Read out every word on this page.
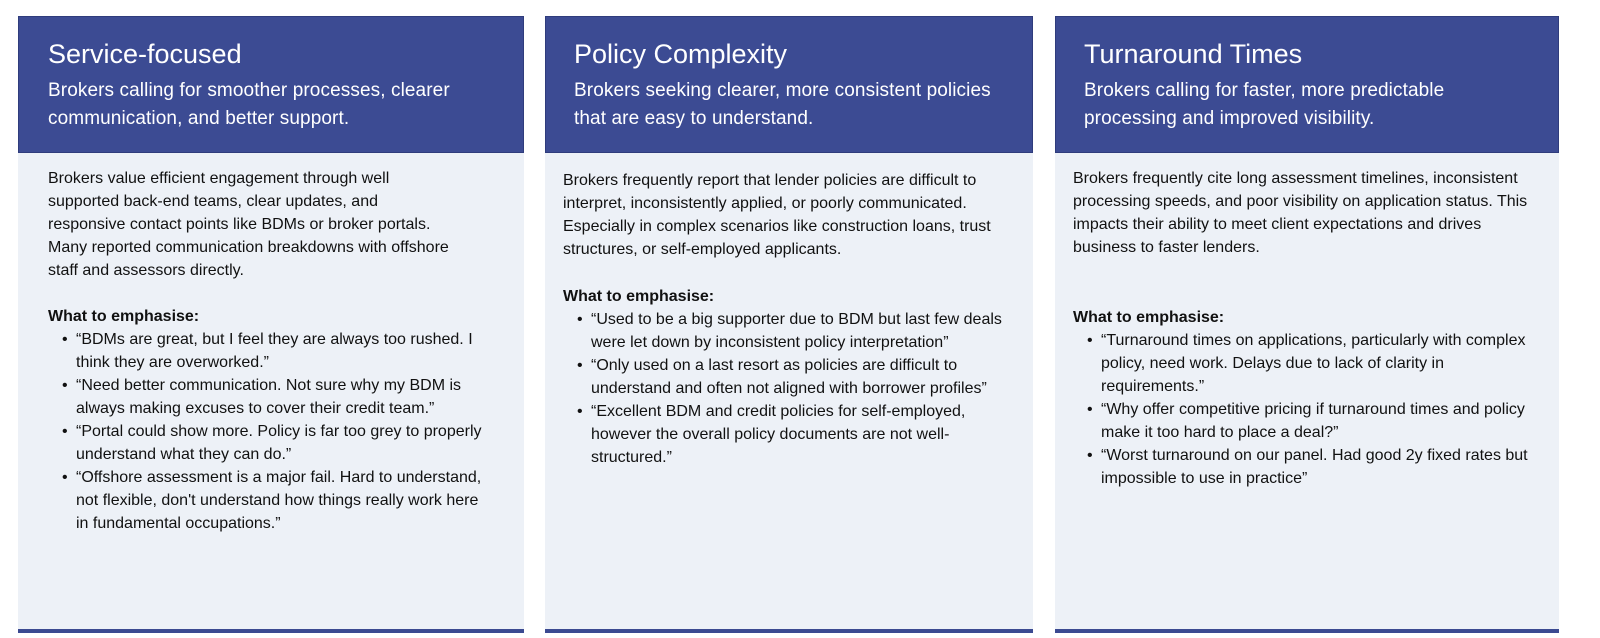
Service-focused

Brokers calling for smoother processes, clearer communication, and better support.

Brokers value efficient engagement through well supported back-end teams, clear updates, and responsive contact points like BDMs or broker portals. Many reported communication breakdowns with offshore staff and assessors directly.

What to emphasise:

• “BDMs are great, but I feel they are always too rushed. I think they are overworked.”
• “Need better communication. Not sure why my BDM is always making excuses to cover their credit team.”
• “Portal could show more. Policy is far too grey to properly understand what they can do.”
• “Offshore assessment is a major fail. Hard to understand, not flexible, don't understand how things really work here in fundamental occupations.”
Policy Complexity

Brokers seeking clearer, more consistent policies that are easy to understand.

Brokers frequently report that lender policies are difficult to interpret, inconsistently applied, or poorly communicated. Especially in complex scenarios like construction loans, trust structures, or self-employed applicants.

What to emphasise:

• “Used to be a big supporter due to BDM but last few deals were let down by inconsistent policy interpretation”
• “Only used on a last resort as policies are difficult to understand and often not aligned with borrower profiles”
• “Excellent BDM and credit policies for self-employed, however the overall policy documents are not well-structured.”
Turnaround Times

Brokers calling for faster, more predictable processing and improved visibility.

Brokers frequently cite long assessment timelines, inconsistent processing speeds, and poor visibility on application status. This impacts their ability to meet client expectations and drives business to faster lenders.

What to emphasise:

• “Turnaround times on applications, particularly with complex policy, need work. Delays due to lack of clarity in requirements.”
• “Why offer competitive pricing if turnaround times and policy make it too hard to place a deal?”
• “Worst turnaround on our panel. Had good 2y fixed rates but impossible to use in practice”
